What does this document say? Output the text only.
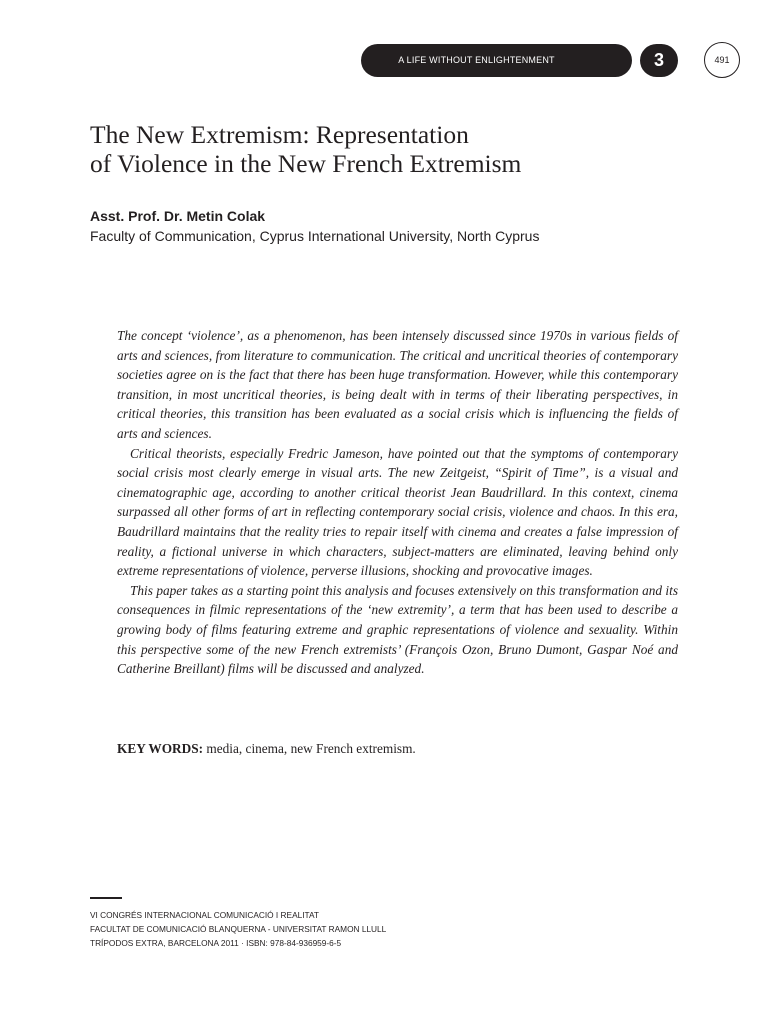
A LIFE WITHOUT ENLIGHTENMENT	3	491
The New Extremism: Representation
of Violence in the New French Extremism
Asst. Prof. Dr. Metin Colak
Faculty of Communication, Cyprus International University, North Cyprus

The concept ‘violence’, as a phenomenon, has been intensely discussed since 1970s in various fields of arts and sciences, from literature to communication. The critical and uncritical theories of contemporary societies agree on is the fact that there has been huge transformation. However, while this contemporary transition, in most uncritical theories, is being dealt with in terms of their liberating perspectives, in critical theories, this transition has been evaluated as a social crisis which is influencing the fields of arts and sciences.

Critical theorists, especially Fredric Jameson, have pointed out that the symptoms of contemporary social crisis most clearly emerge in visual arts. The new Zeitgeist, “Spirit of Time”, is a visual and cinematographic age, according to another critical theorist Jean Baudrillard. In this context, cinema surpassed all other forms of art in reflecting contemporary social crisis, violence and chaos. In this era, Baudrillard maintains that the reality tries to repair itself with cinema and creates a false impression of reality, a fictional universe in which characters, subject-matters are eliminated, leaving behind only extreme representations of violence, perverse illusions, shocking and provocative images.

This paper takes as a starting point this analysis and focuses extensively on this transformation and its consequences in filmic representations of the ‘new extremity’, a term that has been used to describe a growing body of films featuring extreme and graphic representations of violence and sexuality. Within this perspective some of the new French extremists’ (François Ozon, Bruno Dumont, Gaspar Noé and Catherine Breillant) films will be discussed and analyzed.

KEY WORDS: media, cinema, new French extremism.
VI CONGRÉS INTERNACIONAL COMUNICACIÓ I REALITAT
FACULTAT DE COMUNICACIÓ BLANQUERNA - UNIVERSITAT RAMON LLULL
TRÍPODOS EXTRA, BARCELONA 2011 · ISBN: 978-84-936959-6-5
